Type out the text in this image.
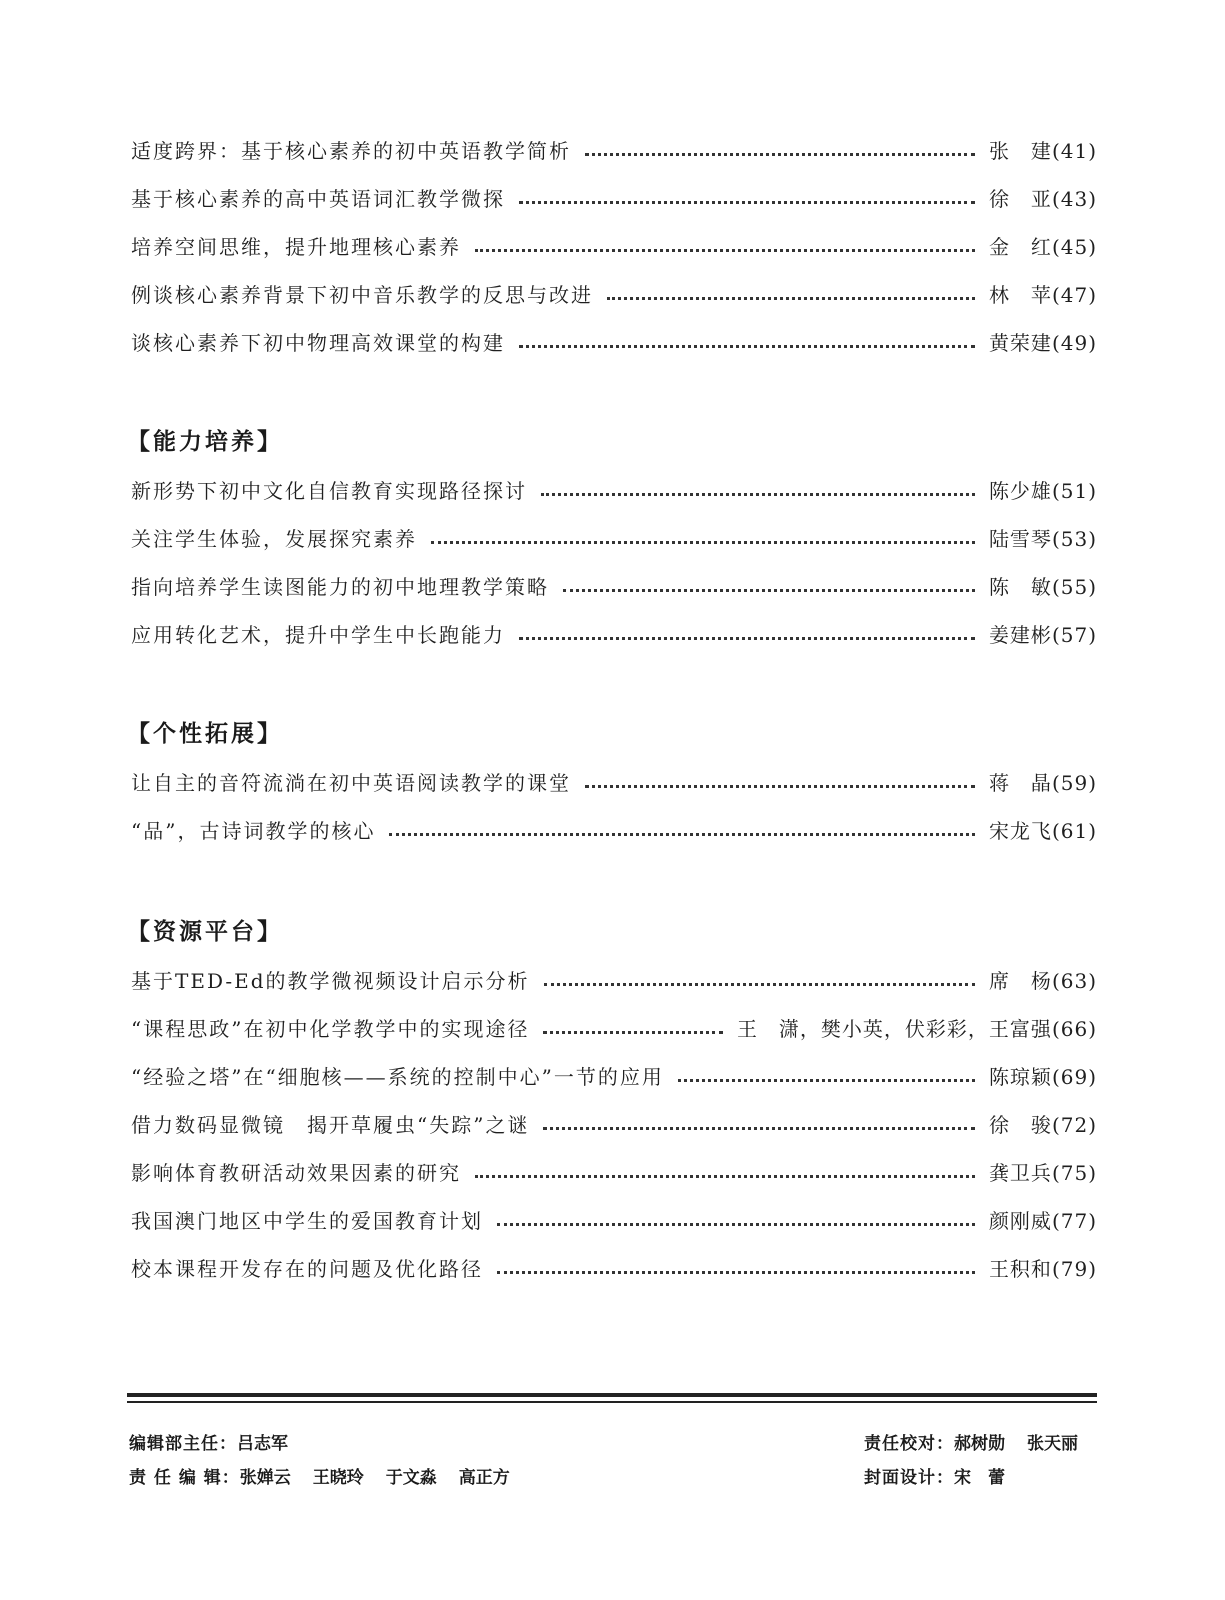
适度跨界：基于核心素养的初中英语教学简析	张　建 (41)
基于核心素养的高中英语词汇教学微探	徐　亚 (43)
培养空间思维，提升地理核心素养	金　红 (45)
例谈核心素养背景下初中音乐教学的反思与改进	林　苹 (47)
谈核心素养下初中物理高效课堂的构建	黄荣建 (49)
【能力培养】
新形势下初中文化自信教育实现路径探讨	陈少雄 (51)
关注学生体验，发展探究素养	陆雪琴 (53)
指向培养学生读图能力的初中地理教学策略	陈　敏 (55)
应用转化艺术，提升中学生中长跑能力	姜建彬 (57)
【个性拓展】
让自主的音符流淌在初中英语阅读教学的课堂	蒋　晶 (59)
“品”，古诗词教学的核心	宋龙飞 (61)
【资源平台】
基于TED-Ed的教学微视频设计启示分析	席　杨 (63)
“课程思政”在初中化学教学中的实现途径	王　潇，樊小英，伏彩彩，王富强 (66)
“经验之塔”在“细胞核——系统的控制中心”一节的应用	陈琼颖 (69)
借力数码显微镜　揭开草履虫“失踪”之谜	徐　骏 (72)
影响体育教研活动效果因素的研究	龚卫兵 (75)
我国澳门地区中学生的爱国教育计划	颜刚威 (77)
校本课程开发存在的问题及优化路径	王积和 (79)
编辑部主任：吕志军
责 任 编 辑：张婵云 王晓玲 于文淼 高正方
责任校对：郝树勋 张天丽
封面设计：宋　蕾
